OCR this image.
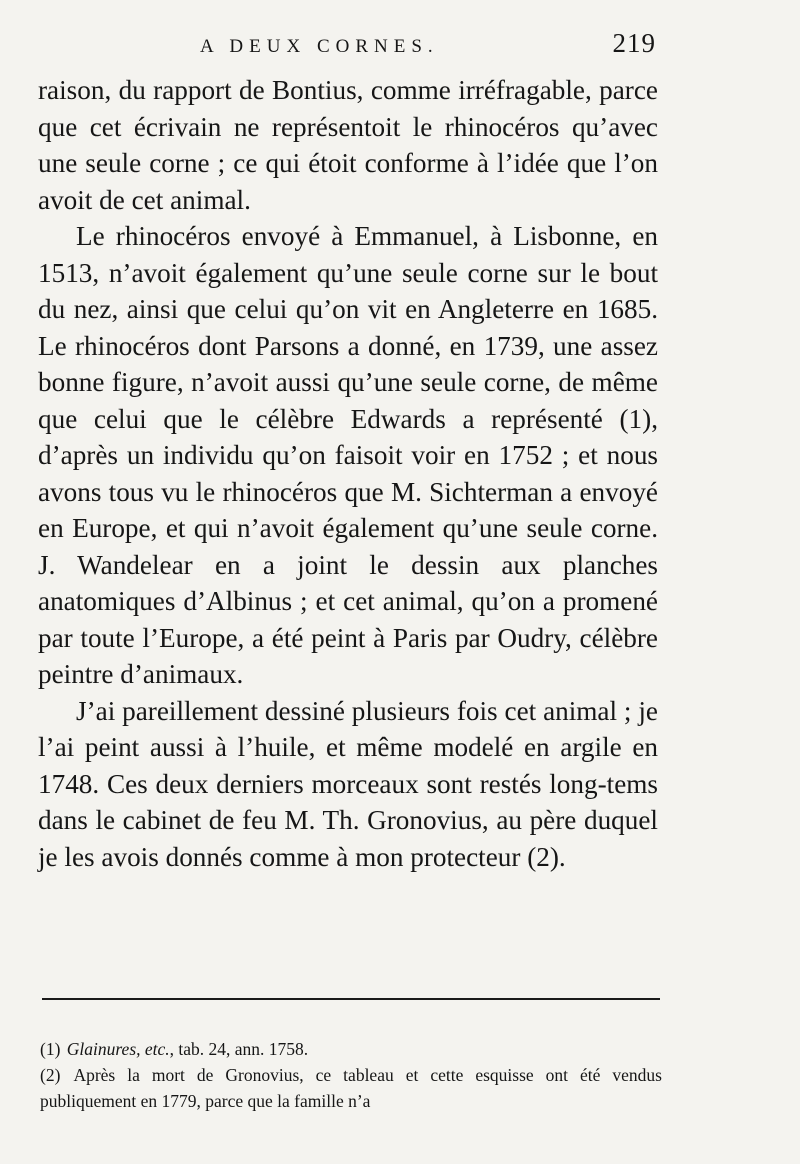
A DEUX CORNES.	219

raison, du rapport de Bontius, comme irréfragable, parce que cet écrivain ne représentoit le rhinocéros qu’avec une seule corne ; ce qui étoit conforme à l’idée que l’on avoit de cet animal.

Le rhinocéros envoyé à Emmanuel, à Lisbonne, en 1513, n’avoit également qu’une seule corne sur le bout du nez, ainsi que celui qu’on vit en Angleterre en 1685. Le rhinocéros dont Parsons a donné, en 1739, une assez bonne figure, n’avoit aussi qu’une seule corne, de même que celui que le célèbre Edwards a représenté (1), d’après un individu qu’on faisoit voir en 1752 ; et nous avons tous vu le rhinocéros que M. Sichterman a envoyé en Europe, et qui n’avoit également qu’une seule corne. J. Wandelear en a joint le dessin aux planches anatomiques d’Albinus ; et cet animal, qu’on a promené par toute l’Europe, a été peint à Paris par Oudry, célèbre peintre d’animaux.

J’ai pareillement dessiné plusieurs fois cet animal ; je l’ai peint aussi à l’huile, et même modelé en argile en 1748. Ces deux derniers morceaux sont restés long-tems dans le cabinet de feu M. Th. Gronovius, au père duquel je les avois donnés comme à mon protecteur (2).

(1) Glainures, etc., tab. 24, ann. 1758.

(2) Après la mort de Gronovius, ce tableau et cette esquisse ont été vendus publiquement en 1779, parce que la famille n’a
